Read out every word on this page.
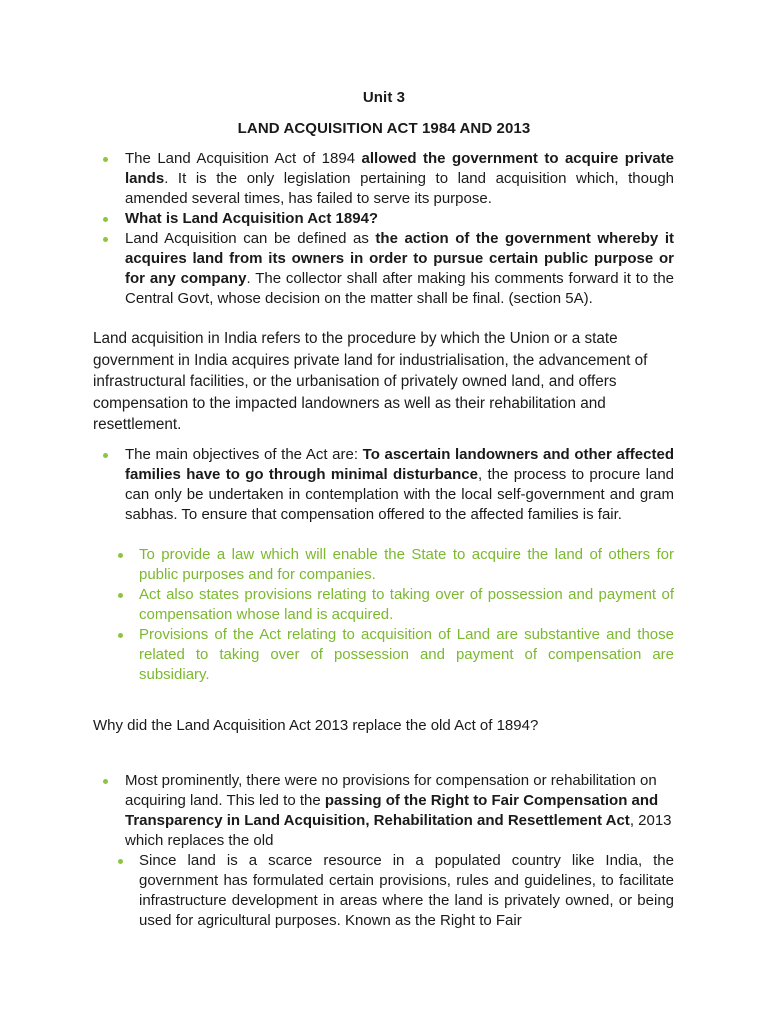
Unit 3
LAND ACQUISITION ACT 1984 AND 2013
The Land Acquisition Act of 1894 allowed the government to acquire private lands. It is the only legislation pertaining to land acquisition which, though amended several times, has failed to serve its purpose.
What is Land Acquisition Act 1894?
Land Acquisition can be defined as the action of the government whereby it acquires land from its owners in order to pursue certain public purpose or for any company. The collector shall after making his comments forward it to the Central Govt, whose decision on the matter shall be final. (section 5A).

Land acquisition in India refers to the procedure by which the Union or a state government in India acquires private land for industrialisation, the advancement of infrastructural facilities, or the urbanisation of privately owned land, and offers compensation to the impacted landowners as well as their rehabilitation and resettlement.

The main objectives of the Act are: To ascertain landowners and other affected families have to go through minimal disturbance, the process to procure land can only be undertaken in contemplation with the local self-government and gram sabhas. To ensure that compensation offered to the affected families is fair.
To provide a law which will enable the State to acquire the land of others for public purposes and for companies.
Act also states provisions relating to taking over of possession and payment of compensation whose land is acquired.
Provisions of the Act relating to acquisition of Land are substantive and those related to taking over of possession and payment of compensation are subsidiary.

Why did the Land Acquisition Act 2013 replace the old Act of 1894?

Most prominently, there were no provisions for compensation or rehabilitation on acquiring land. This led to the passing of the Right to Fair Compensation and Transparency in Land Acquisition, Rehabilitation and Resettlement Act, 2013 which replaces the old
Since land is a scarce resource in a populated country like India, the government has formulated certain provisions, rules and guidelines, to facilitate infrastructure development in areas where the land is privately owned, or being used for agricultural purposes. Known as the Right to Fair
